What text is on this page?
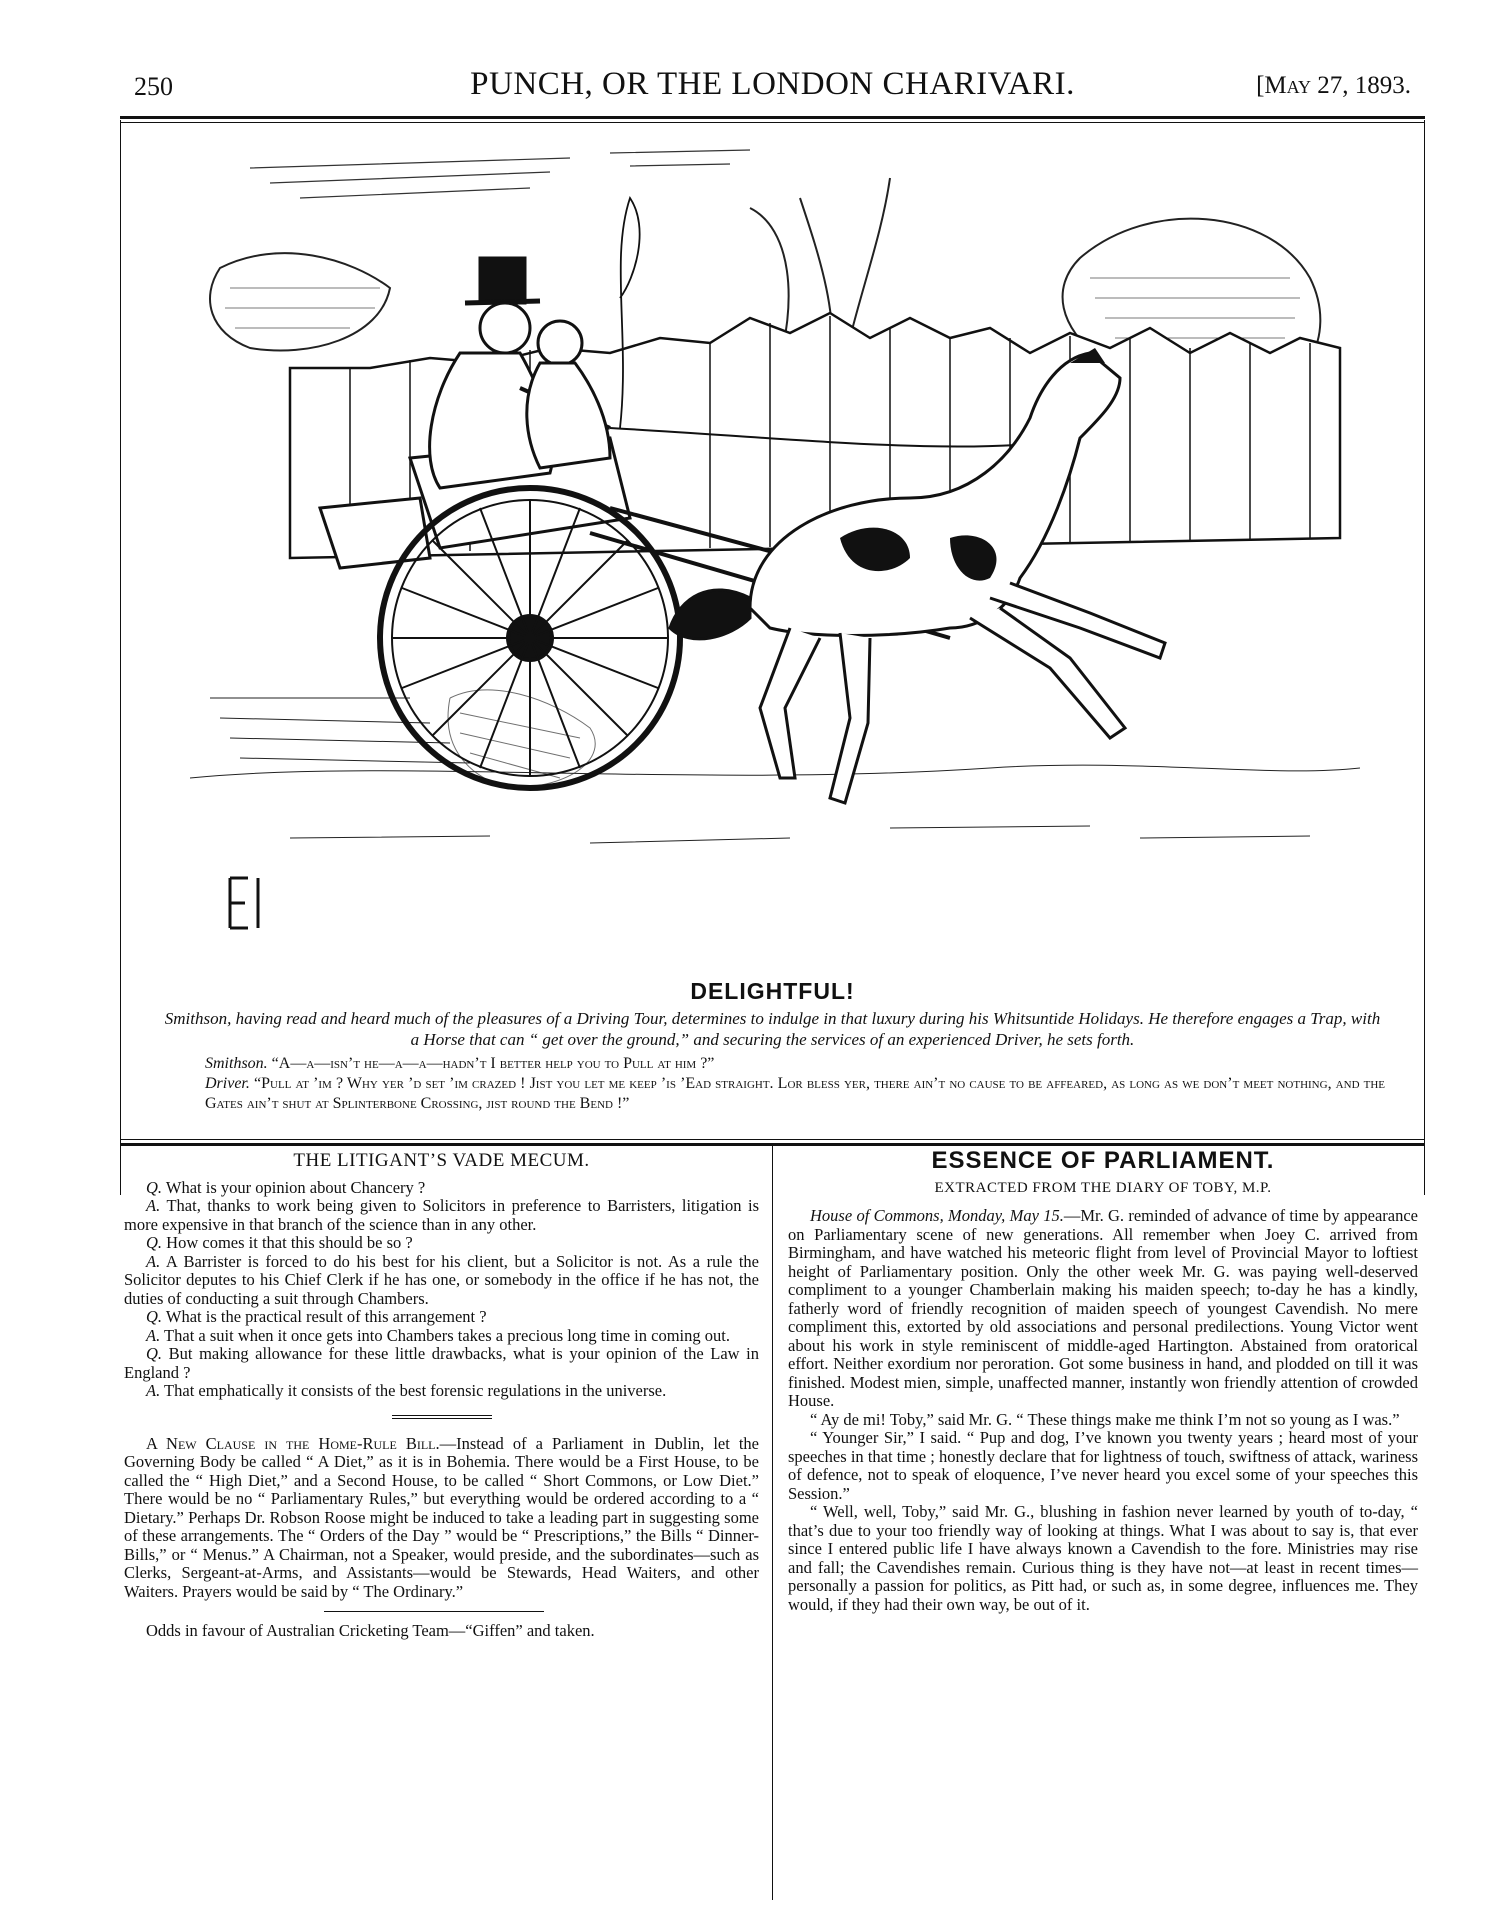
250	PUNCH, OR THE LONDON CHARIVARI.	[May 27, 1893.
EHN
DELIGHTFUL!
Smithson, having read and heard much of the pleasures of a Driving Tour, determines to indulge in that luxury during his Whitsuntide Holidays. He therefore engages a Trap, with a Horse that can “ get over the ground,” and securing the services of an experienced Driver, he sets forth.

Smithson. “A—a—isn’t he—a—a—hadn’t I better help you to Pull at him ?”

Driver. “Pull at ’im ? Why yer ’d set ’im crazed ! Jist you let me keep ’is ’Ead straight. Lor bless yer, there ain’t no cause to be affeared, as long as we don’t meet nothing, and the Gates ain’t shut at Splinterbone Crossing, jist round the Bend !”

THE LITIGANT’S VADE MECUM.

Q. What is your opinion about Chancery ?

A. That, thanks to work being given to Solicitors in preference to Barristers, litigation is more expensive in that branch of the science than in any other.

Q. How comes it that this should be so ?

A. A Barrister is forced to do his best for his client, but a Solicitor is not. As a rule the Solicitor deputes to his Chief Clerk if he has one, or somebody in the office if he has not, the duties of conducting a suit through Chambers.

Q. What is the practical result of this arrangement ?

A. That a suit when it once gets into Chambers takes a precious long time in coming out.

Q. But making allowance for these little drawbacks, what is your opinion of the Law in England ?

A. That emphatically it consists of the best forensic regulations in the universe.

A New Clause in the Home-Rule Bill.—Instead of a Parliament in Dublin, let the Governing Body be called “ A Diet,” as it is in Bohemia. There would be a First House, to be called the “ High Diet,” and a Second House, to be called “ Short Commons, or Low Diet.” There would be no “ Parliamentary Rules,” but everything would be ordered according to a “ Dietary.” Perhaps Dr. Robson Roose might be induced to take a leading part in suggesting some of these arrangements. The “ Orders of the Day ” would be “ Prescriptions,” the Bills “ Dinner-Bills,” or “ Menus.” A Chairman, not a Speaker, would preside, and the subordinates—such as Clerks, Sergeant-at-Arms, and Assistants—would be Stewards, Head Waiters, and other Waiters. Prayers would be said by “ The Ordinary.”

Odds in favour of Australian Cricketing Team—“Giffen” and taken.

ESSENCE OF PARLIAMENT.

EXTRACTED FROM THE DIARY OF TOBY, M.P.

House of Commons, Monday, May 15.—Mr. G. reminded of advance of time by appearance on Parliamentary scene of new generations. All remember when Joey C. arrived from Birmingham, and have watched his meteoric flight from level of Provincial Mayor to loftiest height of Parliamentary position. Only the other week Mr. G. was paying well-deserved compliment to a younger Chamberlain making his maiden speech; to-day he has a kindly, fatherly word of friendly recognition of maiden speech of youngest Cavendish. No mere compliment this, extorted by old associations and personal predilections. Young Victor went about his work in style reminiscent of middle-aged Hartington. Abstained from oratorical effort. Neither exordium nor peroration. Got some business in hand, and plodded on till it was finished. Modest mien, simple, unaffected manner, instantly won friendly attention of crowded House.

“ Ay de mi! Toby,” said Mr. G. “ These things make me think I’m not so young as I was.”

“ Younger Sir,” I said. “ Pup and dog, I’ve known you twenty years ; heard most of your speeches in that time ; honestly declare that for lightness of touch, swiftness of attack, wariness of defence, not to speak of eloquence, I’ve never heard you excel some of your speeches this Session.”

“ Well, well, Toby,” said Mr. G., blushing in fashion never learned by youth of to-day, “ that’s due to your too friendly way of looking at things. What I was about to say is, that ever since I entered public life I have always known a Cavendish to the fore. Ministries may rise and fall; the Cavendishes remain. Curious thing is they have not—at least in recent times—personally a passion for politics, as Pitt had, or such as, in some degree, influences me. They would, if they had their own way, be out of it.
